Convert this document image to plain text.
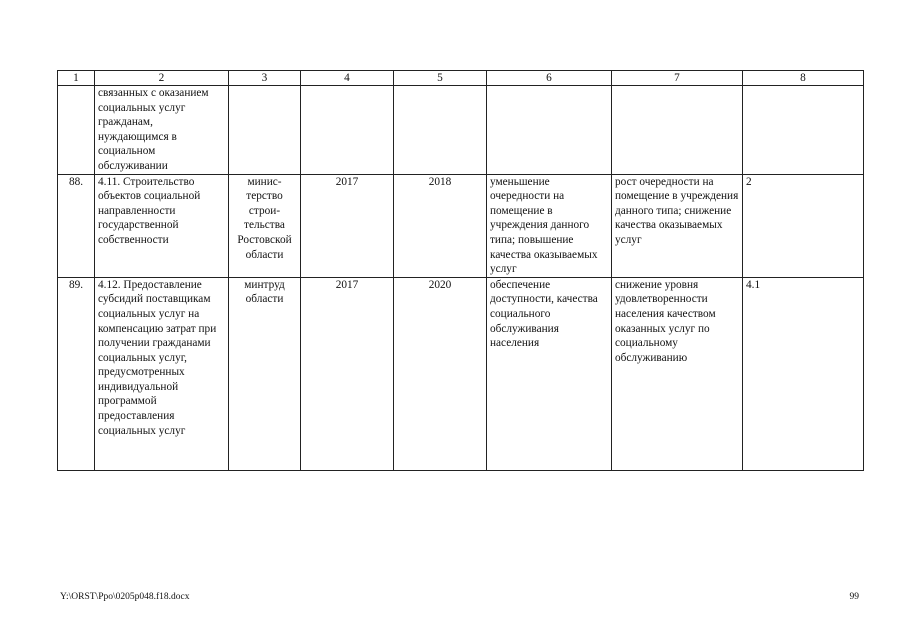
1	2	3	4	5	6	7	8
	связанных с оказанием социальных услуг гражданам, нуждающимся в социальном обслуживании						
88.	4.11. Строительство объектов социальной направленности государственной собственности	минис-терство строи-тельства Ростовской области	2017	2018	уменьшение очередности на помещение в учреждения данного типа; повышение качества оказываемых услуг	рост очередности на помещение в учреждения данного типа; снижение качества оказываемых услуг	2
89.	4.12. Предоставление субсидий поставщикам социальных услуг на компенсацию затрат при получении гражданами социальных услуг, предусмотренных индивидуальной программой предоставления социальных услуг	минтруд области	2017	2020	обеспечение доступности, качества социального обслуживания населения	снижение уровня удовлетворенности населения качеством оказанных услуг по социальному обслуживанию	4.1
Y:\ORST\Ppo\0205p048.f18.docx	99
